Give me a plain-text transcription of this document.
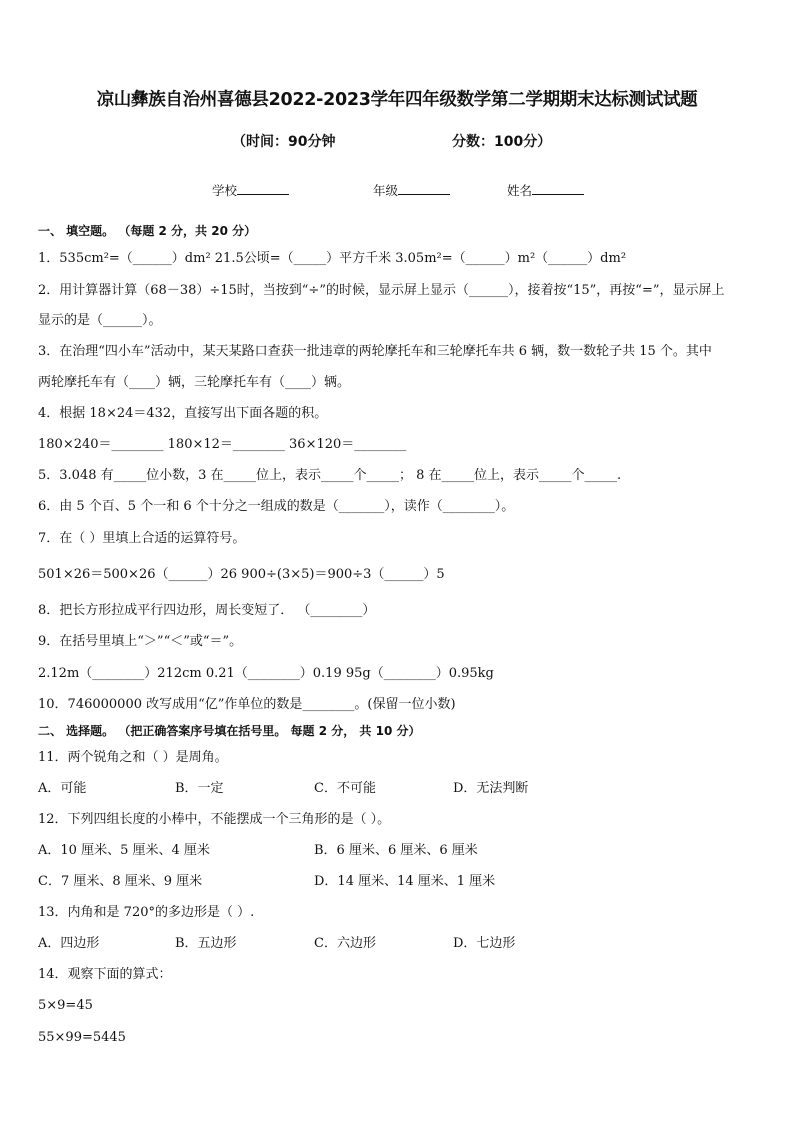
凉山彝族自治州喜德县2022-2023学年四年级数学第二学期期末达标测试试题
（时间：90分钟	分数：100分）
学校	年级	姓名
一、 填空题。 （每题 2 分，共 20 分）
1．535cm²=（______）dm² 21.5公顷=（_____）平方千米 3.05m²=（______）m²（______）dm²
2．用计算器计算（68－38）÷15时，当按到“÷”的时候，显示屏上显示（______），接着按“15”，再按“=”，显示屏上
显示的是（______）。
3．在治理“四小车”活动中，某天某路口查获一批违章的两轮摩托车和三轮摩托车共 6 辆，数一数轮子共 15 个。其中
两轮摩托车有（____）辆，三轮摩托车有（____）辆。
4．根据 18×24＝432，直接写出下面各题的积。
180×240＝________ 180×12＝________ 36×120＝________
5．3.048 有_____位小数，3 在_____位上，表示_____个_____； 8 在_____位上，表示_____个_____.
6．由 5 个百、5 个一和 6 个十分之一组成的数是（_______），读作（________）。
7．在（ ）里填上合适的运算符号。
501×26＝500×26（______）26 900÷(3×5)＝900÷3（______）5
8．把长方形拉成平行四边形，周长变短了． （________）
9．在括号里填上“＞”“＜”或“＝”。
2.12m（________）212cm 0.21（________）0.19 95g（________）0.95kg
10．746000000 改写成用“亿”作单位的数是________。(保留一位小数)
二、 选择题。 （把正确答案序号填在括号里。 每题 2 分， 共 10 分）
11．两个锐角之和（ ）是周角。
A．可能	B．一定	C．不可能	D．无法判断
12．下列四组长度的小棒中，不能摆成一个三角形的是（ ）。
A．10 厘米、5 厘米、4 厘米	B．6 厘米、6 厘米、6 厘米
C．7 厘米、8 厘米、9 厘米	D．14 厘米、14 厘米、1 厘米
13．内角和是 720°的多边形是（ ）.
A．四边形	B．五边形	C．六边形	D．七边形
14．观察下面的算式：
5×9=45
55×99=5445
